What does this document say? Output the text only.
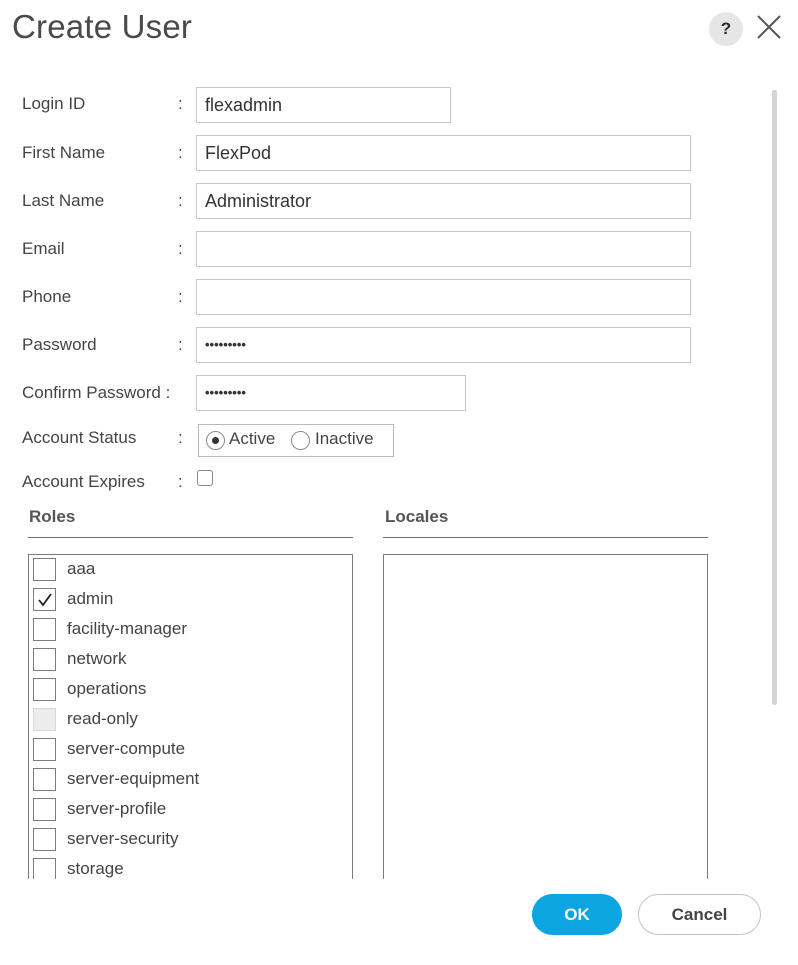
Create User	?
Login ID	:	flexadmin
First Name	:	FlexPod
Last Name	:	Administrator
Email	:
Phone	:
Password	:	•••••••••
Confirm Password :	•••••••••
Account Status :	Active Inactive
Account Expires :
Roles
aaa
admin
facility-manager
network
operations
read-only
server-compute
server-equipment
server-profile
server-security
storage
Locales
OK	Cancel
